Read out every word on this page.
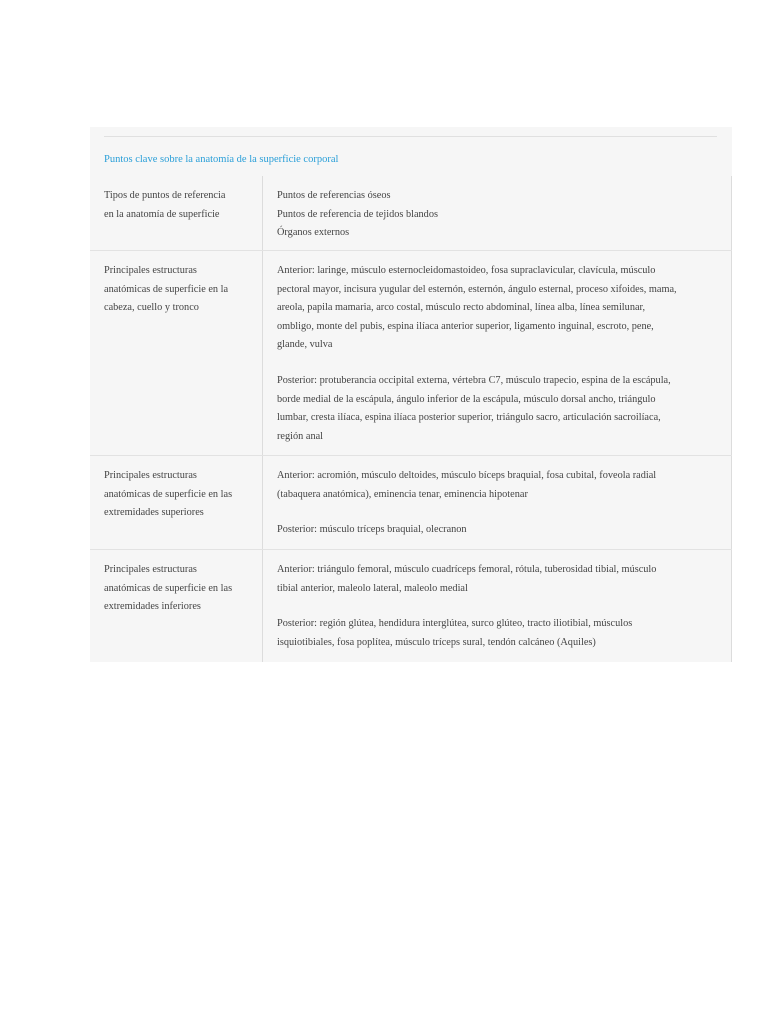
Puntos clave sobre la anatomía de la superficie corporal
Tipos de puntos de referencia
en la anatomía de superficie
Puntos de referencias óseos
Puntos de referencia de tejidos blandos
Órganos externos
Principales estructuras
anatómicas de superficie en la
cabeza, cuello y tronco
Anterior: laringe, músculo esternocleidomastoideo, fosa supraclavicular, clavícula, músculo
pectoral mayor, incisura yugular del esternón, esternón, ángulo esternal, proceso xifoides, mama,
areola, papila mamaria, arco costal, músculo recto abdominal, línea alba, línea semilunar,
ombligo, monte del pubis, espina ilíaca anterior superior, ligamento inguinal, escroto, pene,
glande, vulva
Posterior: protuberancia occipital externa, vértebra C7, músculo trapecio, espina de la escápula,
borde medial de la escápula, ángulo inferior de la escápula, músculo dorsal ancho, triángulo
lumbar, cresta ilíaca, espina ilíaca posterior superior, triángulo sacro, articulación sacroilíaca,
región anal
Principales estructuras
anatómicas de superficie en las
extremidades superiores
Anterior: acromión, músculo deltoides, músculo bíceps braquial, fosa cubital, foveola radial
(tabaquera anatómica), eminencia tenar, eminencia hipotenar
Posterior: músculo tríceps braquial, olecranon
Principales estructuras
anatómicas de superficie en las
extremidades inferiores
Anterior: triángulo femoral, músculo cuadríceps femoral, rótula, tuberosidad tibial, músculo
tibial anterior, maleolo lateral, maleolo medial
Posterior: región glútea, hendidura interglútea, surco glúteo, tracto iliotibial, músculos
isquiotibiales, fosa poplítea, músculo tríceps sural, tendón calcáneo (Aquiles)
